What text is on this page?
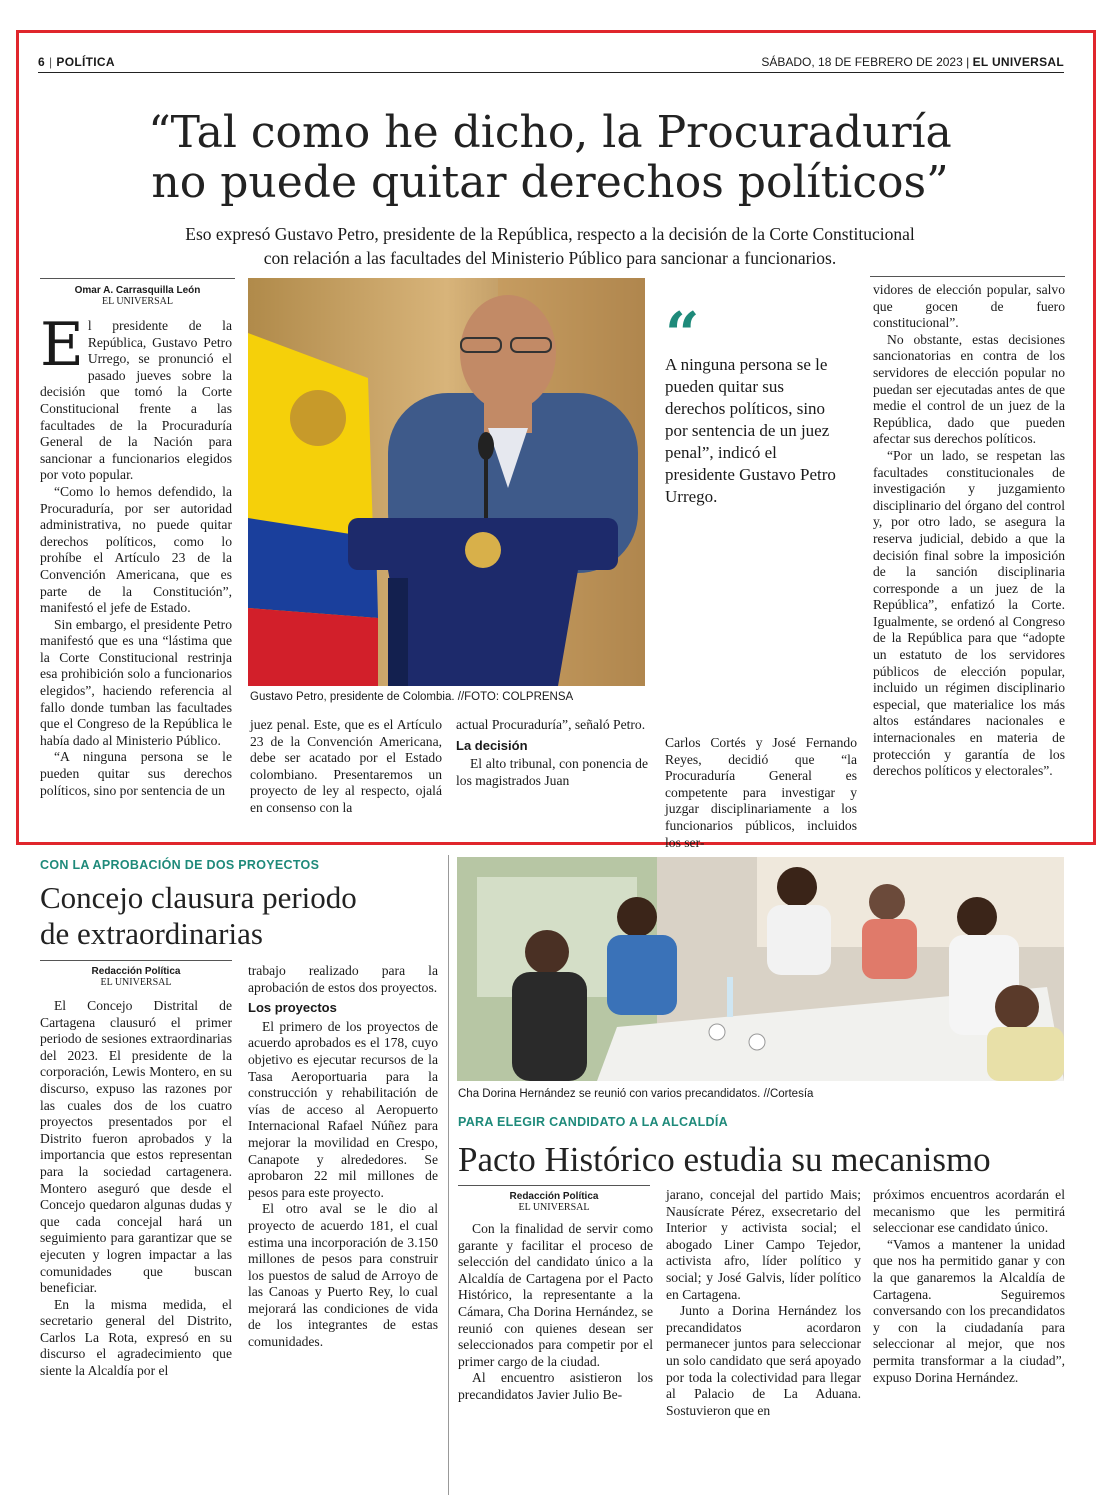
6 | POLÍTICA	SÁBADO, 18 DE FEBRERO DE 2023 | EL UNIVERSAL
“Tal como he dicho, la Procuraduría
no puede quitar derechos políticos”
Eso expresó Gustavo Petro, presidente de la República, respecto a la decisión de la Corte Constitucional
con relación a las facultades del Ministerio Público para sancionar a funcionarios.
Omar A. Carrasquilla León
EL UNIVERSAL

El presidente de la República, Gustavo Petro Urrego, se pronunció el pasado jueves sobre la decisión que tomó la Corte Constitucional frente a las facultades de la Procuraduría General de la Nación para sancionar a funcionarios elegidos por voto popular.

“Como lo hemos defendido, la Procuraduría, por ser autoridad administrativa, no puede quitar derechos políticos, como lo prohíbe el Artículo 23 de la Convención Americana, que es parte de la Constitución”, manifestó el jefe de Estado.

Sin embargo, el presidente Petro manifestó que es una “lástima que la Corte Constitucional restrinja esa prohibición solo a funcionarios elegidos”, haciendo referencia al fallo donde tumban las facultades que el Congreso de la República le había dado al Ministerio Público.

“A ninguna persona se le pueden quitar sus derechos políticos, sino por sentencia de un

Gustavo Petro, presidente de Colombia. //FOTO: COLPRENSA
“
A ninguna persona se le pueden quitar sus derechos políticos, sino por sentencia de un juez penal”, indicó el presidente Gustavo Petro Urrego.

juez penal. Este, que es el Artículo 23 de la Convención Americana, debe ser acatado por el Estado colombiano. Presentaremos un proyecto de ley al respecto, ojalá en consenso con la

actual Procuraduría”, señaló Petro.

La decisión

El alto tribunal, con ponencia de los magistrados Juan

Carlos Cortés y José Fernando Reyes, decidió que “la Procuraduría General es competente para investigar y juzgar disciplinariamente a los funcionarios públicos, incluidos los ser-

vidores de elección popular, salvo que gocen de fuero constitucional”.

No obstante, estas decisiones sancionatorias en contra de los servidores de elección popular no puedan ser ejecutadas antes de que medie el control de un juez de la República, dado que pueden afectar sus derechos políticos.

“Por un lado, se respetan las facultades constitucionales de investigación y juzgamiento disciplinario del órgano del control y, por otro lado, se asegura la reserva judicial, debido a que la decisión final sobre la imposición de la sanción disciplinaria corresponde a un juez de la República”, enfatizó la Corte. Igualmente, se ordenó al Congreso de la República para que “adopte un estatuto de los servidores públicos de elección popular, incluido un régimen disciplinario especial, que materialice los más altos estándares nacionales e internacionales en materia de protección y garantía de los derechos políticos y electorales”.

CON LA APROBACIÓN DE DOS PROYECTOS
Concejo clausura periodo
de extraordinarias
Redacción Política
EL UNIVERSAL

El Concejo Distrital de Cartagena clausuró el primer periodo de sesiones extraordinarias del 2023. El presidente de la corporación, Lewis Montero, en su discurso, expuso las razones por las cuales dos de los cuatro proyectos presentados por el Distrito fueron aprobados y la importancia que estos representan para la sociedad cartagenera. Montero aseguró que desde el Concejo quedaron algunas dudas y que cada concejal hará un seguimiento para garantizar que se ejecuten y logren impactar a las comunidades que buscan beneficiar.

En la misma medida, el secretario general del Distrito, Carlos La Rota, expresó en su discurso el agradecimiento que siente la Alcaldía por el

trabajo realizado para la aprobación de estos dos proyectos.

Los proyectos

El primero de los proyectos de acuerdo aprobados es el 178, cuyo objetivo es ejecutar recursos de la Tasa Aeroportuaria para la construcción y rehabilitación de vías de acceso al Aeropuerto Internacional Rafael Núñez para mejorar la movilidad en Crespo, Canapote y alrededores. Se aprobaron 22 mil millones de pesos para este proyecto.

El otro aval se le dio al proyecto de acuerdo 181, el cual estima una incorporación de 3.150 millones de pesos para construir los puestos de salud de Arroyo de las Canoas y Puerto Rey, lo cual mejorará las condiciones de vida de los integrantes de estas comunidades.

Cha Dorina Hernández se reunió con varios precandidatos. //Cortesía
PARA ELEGIR CANDIDATO A LA ALCALDÍA
Pacto Histórico estudia su mecanismo
Redacción Política
EL UNIVERSAL

Con la finalidad de servir como garante y facilitar el proceso de selección del candidato único a la Alcaldía de Cartagena por el Pacto Histórico, la representante a la Cámara, Cha Dorina Hernández, se reunió con quienes desean ser seleccionados para competir por el primer cargo de la ciudad.

Al encuentro asistieron los precandidatos Javier Julio Be-

jarano, concejal del partido Mais; Nausícrate Pérez, exsecretario del Interior y activista social; el abogado Liner Campo Tejedor, activista afro, líder político y social; y José Galvis, líder político en Cartagena.

Junto a Dorina Hernández los precandidatos acordaron permanecer juntos para seleccionar un solo candidato que será apoyado por toda la colectividad para llegar al Palacio de La Aduana. Sostuvieron que en

próximos encuentros acordarán el mecanismo que les permitirá seleccionar ese candidato único.

“Vamos a mantener la unidad que nos ha permitido ganar y con la que ganaremos la Alcaldía de Cartagena. Seguiremos conversando con los precandidatos y con la ciudadanía para seleccionar al mejor, que nos permita transformar a la ciudad”, expuso Dorina Hernández.
